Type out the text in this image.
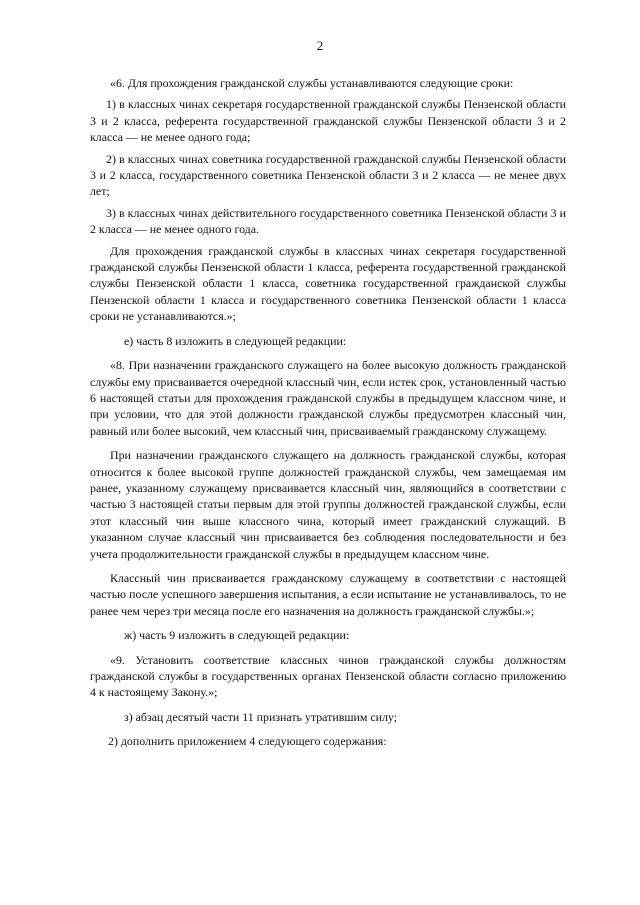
2

«6. Для прохождения гражданской службы устанавливаются следующие сроки:

1) в классных чинах секретаря государственной гражданской службы Пензенской области 3 и 2 класса, референта государственной гражданской службы Пензенской области 3 и 2 класса — не менее одного года;

2) в классных чинах советника государственной гражданской службы Пензенской области 3 и 2 класса, государственного советника Пензенской области 3 и 2 класса — не менее двух лет;

3) в классных чинах действительного государственного советника Пензенской области 3 и 2 класса — не менее одного года.

Для прохождения гражданской службы в классных чинах секретаря государственной гражданской службы Пензенской области 1 класса, референта государственной гражданской службы Пензенской области 1 класса, советника государственной гражданской службы Пензенской области 1 класса и государственного советника Пензенской области 1 класса сроки не устанавливаются.»;

е) часть 8 изложить в следующей редакции:

«8. При назначении гражданского служащего на более высокую должность гражданской службы ему присваивается очередной классный чин, если истек срок, установленный частью 6 настоящей статьи для прохождения гражданской службы в предыдущем классном чине, и при условии, что для этой должности гражданской службы предусмотрен классный чин, равный или более высокий, чем классный чин, присваиваемый гражданскому служащему.

При назначении гражданского служащего на должность гражданской службы, которая относится к более высокой группе должностей гражданской службы, чем замещаемая им ранее, указанному служащему присваивается классный чин, являющийся в соответствии с частью 3 настоящей статьи первым для этой группы должностей гражданской службы, если этот классный чин выше классного чина, который имеет гражданский служащий. В указанном случае классный чин присваивается без соблюдения последовательности и без учета продолжительности гражданской службы в предыдущем классном чине.

Классный чин присваивается гражданскому служащему в соответствии с настоящей частью после успешного завершения испытания, а если испытание не устанавливалось, то не ранее чем через три месяца после его назначения на должность гражданской службы.»;

ж) часть 9 изложить в следующей редакции:

«9. Установить соответствие классных чинов гражданской службы должностям гражданской службы в государственных органах Пензенской области согласно приложению 4 к настоящему Закону.»;

з) абзац десятый части 11 признать утратившим силу;

2) дополнить приложением 4 следующего содержания:
